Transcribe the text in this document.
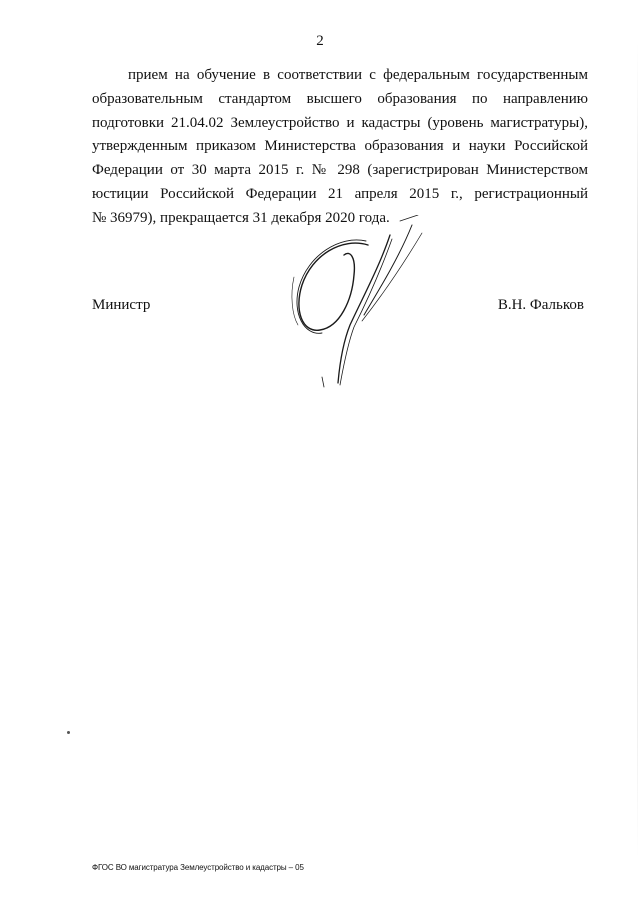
2
прием на обучение в соответствии с федеральным государственным
образовательным стандартом высшего образования по направлению
подготовки 21.04.02 Землеустройство и кадастры (уровень магистратуры),
утвержденным приказом Министерства образования и науки Российской
Федерации от 30 марта 2015 г. № 298 (зарегистрирован Министерством
юстиции Российской Федерации 21 апреля 2015 г., регистрационный
№ 36979), прекращается 31 декабря 2020 года.
Министр	В.Н. Фальков
ФГОС ВО магистратура Землеустройство и кадастры – 05
